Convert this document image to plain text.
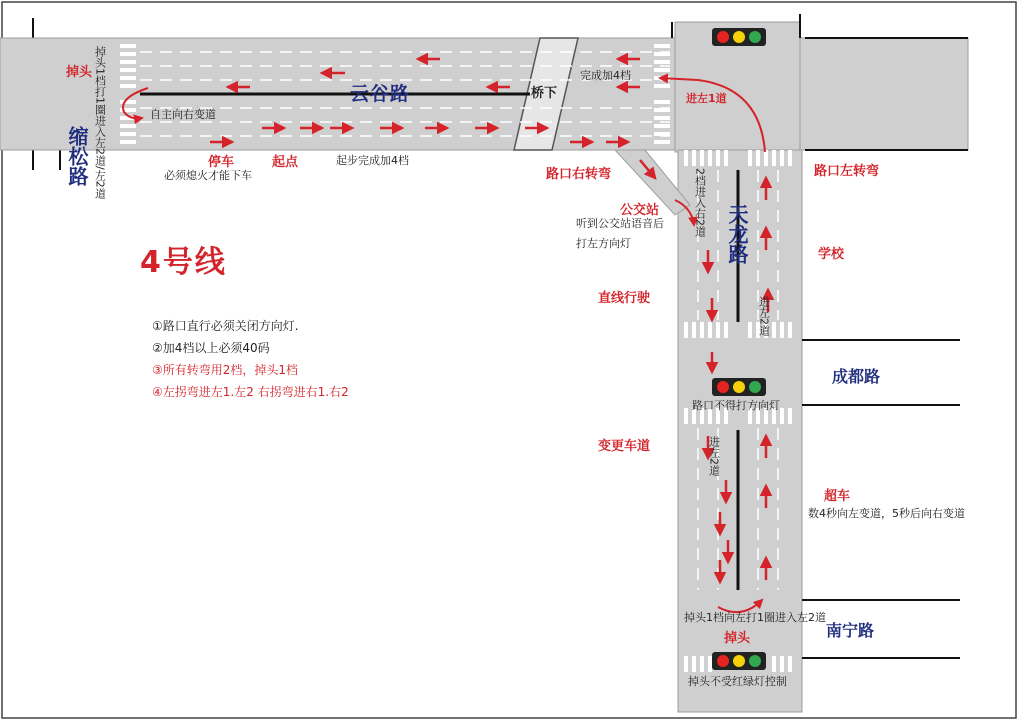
4号线
云谷路
天龙路
成都路
南宁路
缩松路
桥下
学校
掉头
停车	起点
路口右转弯	路口左转弯
公交站
直线行驶
变更车道
超车
掉头
进左1道
掉头1档打1圈进入左2道/左2道	自主向右变道
必须熄火才能下车
起步完成加4档
完成加4档
听到公交站语音后
打左方向灯
2档进入右2道
进左2道
路口不得打方向灯
进左2道
数4秒向左变道，5秒后向右变道
掉头1档向左打1圈进入左2道
掉头不受红绿灯控制
①路口直行必须关闭方向灯.
②加4档以上必须40码
③所有转弯用2档，掉头1档
④左拐弯进左1.左2 右拐弯进右1.右2
